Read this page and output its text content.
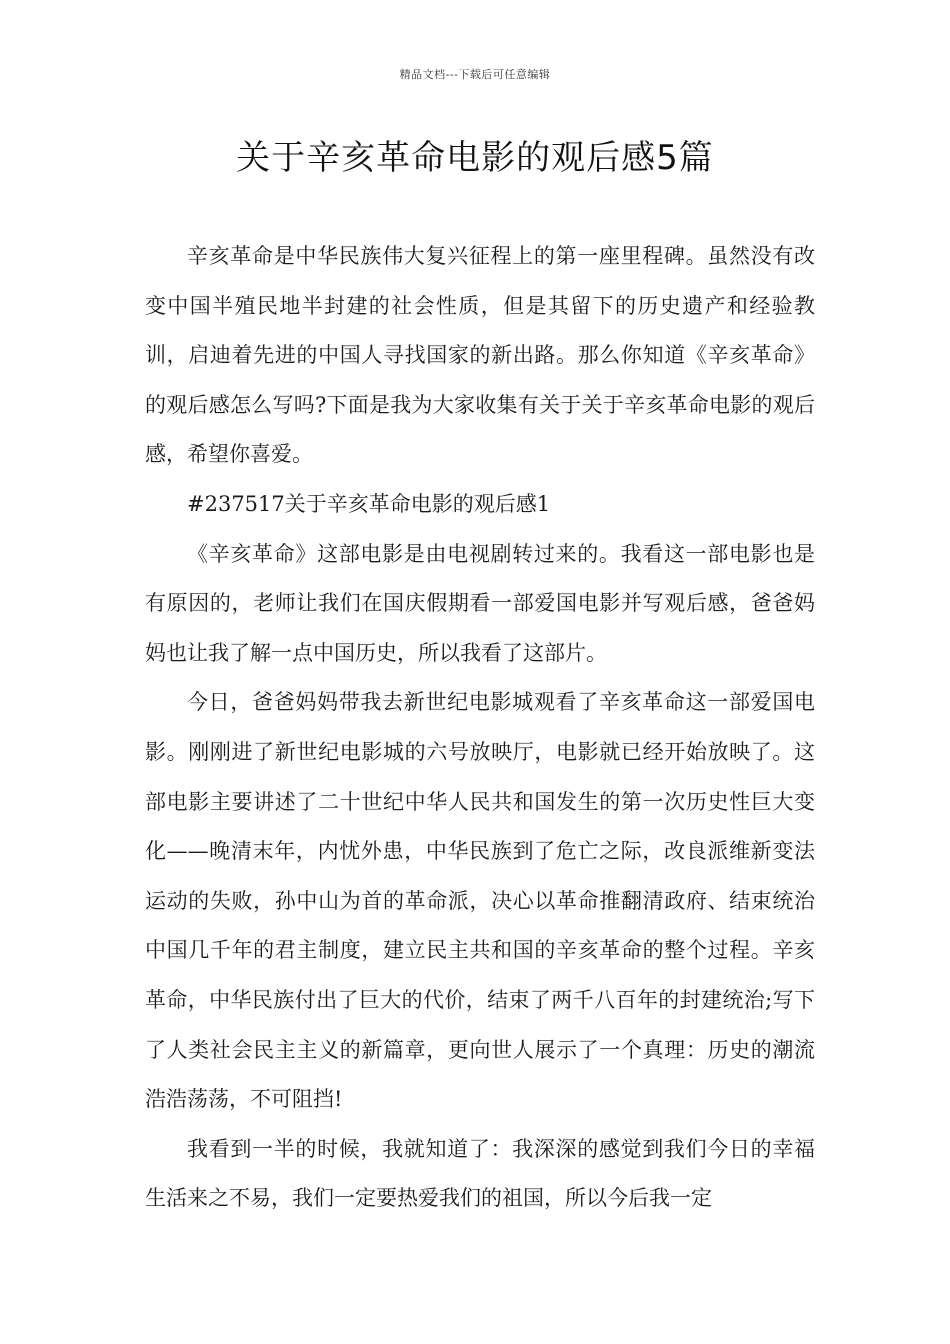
精品文档---下载后可任意编辑
关于辛亥革命电影的观后感5篇

辛亥革命是中华民族伟大复兴征程上的第一座里程碑。虽然没有改变中国半殖民地半封建的社会性质，但是其留下的历史遗产和经验教训，启迪着先进的中国人寻找国家的新出路。那么你知道《辛亥革命》的观后感怎么写吗?下面是我为大家收集有关于关于辛亥革命电影的观后感，希望你喜爱。

#237517关于辛亥革命电影的观后感1

《辛亥革命》这部电影是由电视剧转过来的。我看这一部电影也是有原因的，老师让我们在国庆假期看一部爱国电影并写观后感，爸爸妈妈也让我了解一点中国历史，所以我看了这部片。

今日，爸爸妈妈带我去新世纪电影城观看了辛亥革命这一部爱国电影。刚刚进了新世纪电影城的六号放映厅，电影就已经开始放映了。这部电影主要讲述了二十世纪中华人民共和国发生的第一次历史性巨大变化——晚清末年，内忧外患，中华民族到了危亡之际，改良派维新变法运动的失败，孙中山为首的革命派，决心以革命推翻清政府、结束统治中国几千年的君主制度，建立民主共和国的辛亥革命的整个过程。辛亥革命，中华民族付出了巨大的代价，结束了两千八百年的封建统治;写下了人类社会民主主义的新篇章，更向世人展示了一个真理：历史的潮流浩浩荡荡，不可阻挡!

我看到一半的时候，我就知道了：我深深的感觉到我们今日的幸福生活来之不易，我们一定要热爱我们的祖国，所以今后我一定
